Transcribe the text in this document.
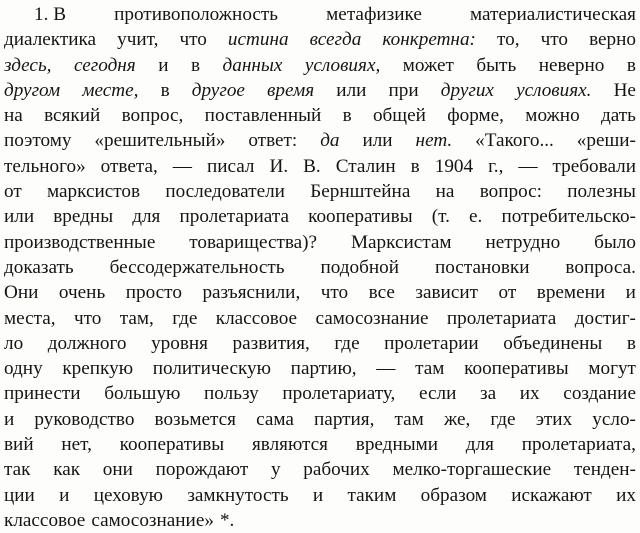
1. В	противоположность	метафизике	материалистическая
диалектика учит, что истина всегда конкретна: то, что верно
здесь, сегодня и в данных условиях, может быть неверно в
другом месте, в другое время или при других условиях. Не
на всякий вопрос, поставленный в общей форме, можно дать
поэтому «решительный» ответ: да или нет. «Такого... «реши-
тельного» ответа, — писал И. В. Сталин в 1904 г., — требовали
от марксистов последователи Бернштейна на вопрос: полезны
или вредны для пролетариата кооперативы (т. е. потребительско-
производственные товарищества)? Марксистам нетрудно было
доказать бессодержательность подобной постановки вопроса.
Они очень просто разъяснили, что все зависит от времени и
места, что там, где классовое самосознание пролетариата достиг-
ло должного уровня развития, где пролетарии объединены в
одну крепкую политическую партию, — там кооперативы могут
принести большую пользу пролетариату, если за их создание
и руководство возьмется сама партия, там же, где этих усло-
вий нет, кооперативы являются вредными для пролетариата,
так как они порождают у рабочих мелко-торгашеские тенден-
ции и цеховую замкнутость и таким образом искажают их
классовое самосознание» *.
